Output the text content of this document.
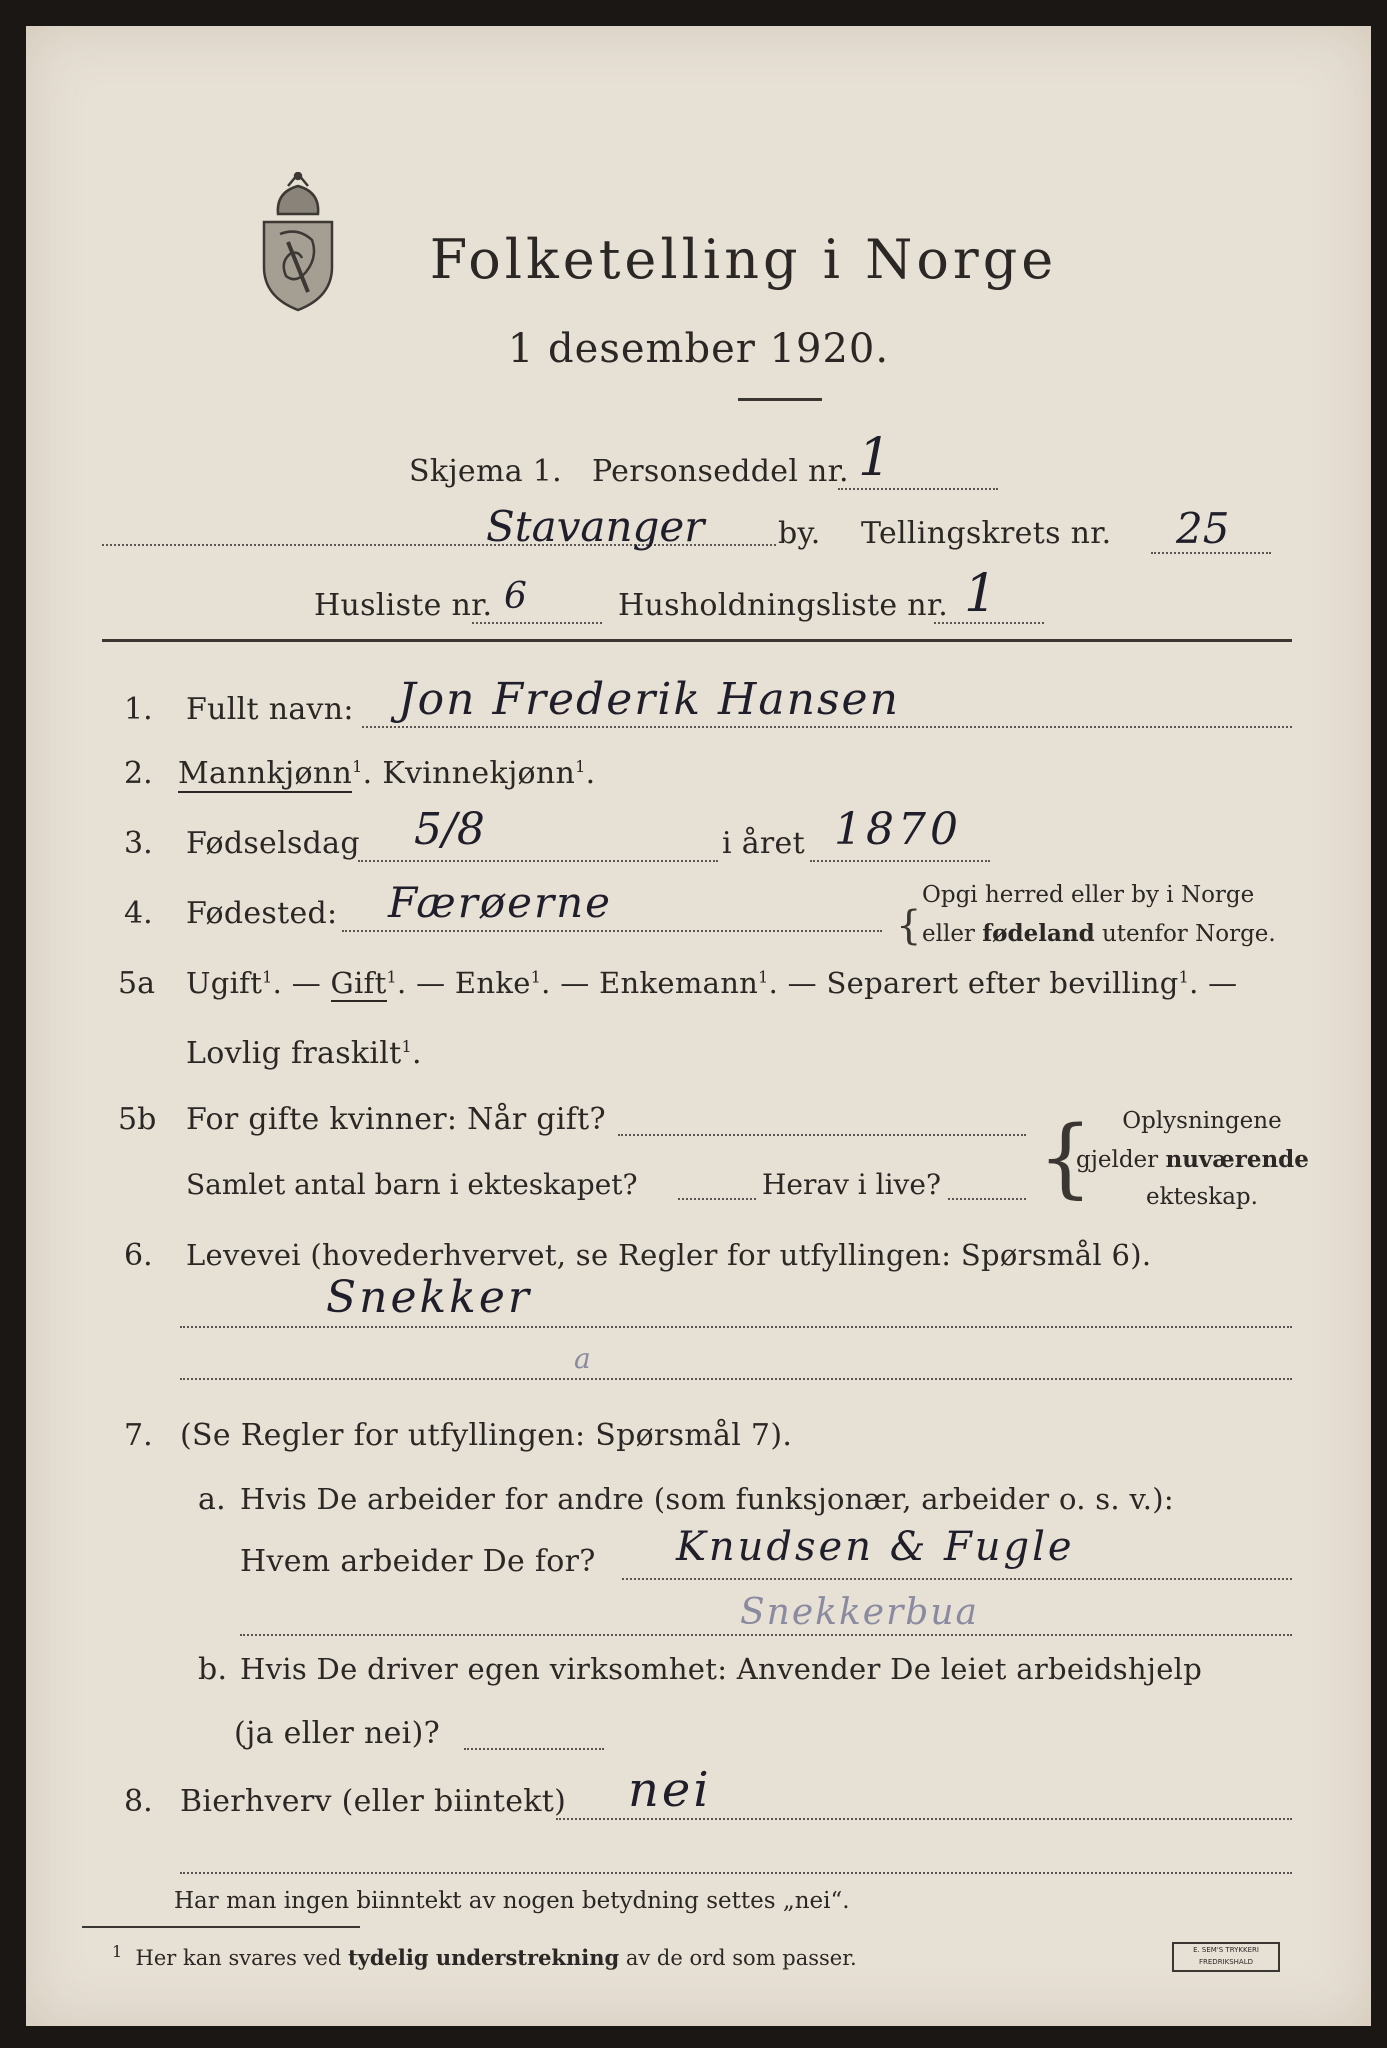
Folketelling i Norge
1 desember 1920.
Skjema 1. Personseddel nr. 1
Stavanger by. Tellingskrets nr. 25
Husliste nr. 6	Husholdningsliste nr. 1
1. Fullt navn: Jon Frederik Hansen
2. Mannkjønn$^1$. Kvinnekjønn$^1$.
3. Fødselsdag 5/8	i året 1870
4. Fødested: Færøerne	{
Opgi herred eller by i Norge
eller fødeland utenfor Norge.
5a Ugift$^1$. — Gift$^1$. — Enke$^1$. — Enkemann$^1$. — Separert efter bevilling$^1$. —
Lovlig fraskilt$^1$.
5b For gifte kvinner: Når gift?
Samlet antal barn i ekteskapet?	Herav i live? {	Oplysningene
gjelder nuværende
ekteskap.
6. Levevei (hovederhvervet, se Regler for utfyllingen: Spørsmål 6).
Snekker
a
7. (Se Regler for utfyllingen: Spørsmål 7).
a. Hvis De arbeider for andre (som funksjonær, arbeider o. s. v.):
Hvem arbeider De for? Knudsen & Fugle
Snekkerbua
b. Hvis De driver egen virksomhet: Anvender De leiet arbeidshjelp
(ja eller nei)?
8. Bierhverv (eller biintekt) nei
Har man ingen biinntekt av nogen betydning settes „nei“.
$^1$ Her kan svares ved tydelig understrekning av de ord som passer.	E. SEM'S TRYKKERI
FREDRIKSHALD
